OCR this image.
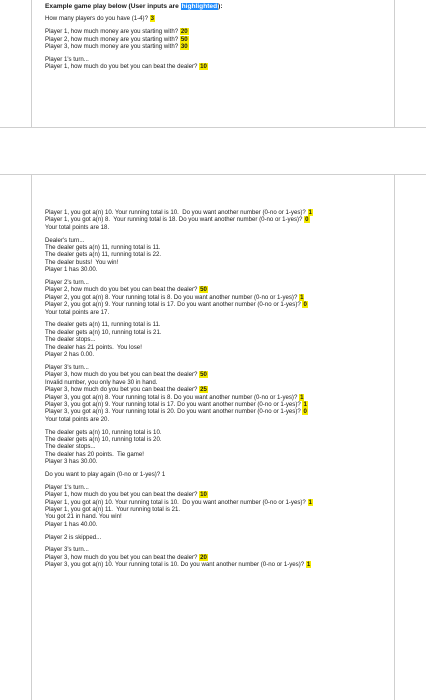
Example game play below (User inputs are highlighted):
How many players do you have (1-4)? 3
Player 1, how much money are you starting with? 20
Player 2, how much money are you starting with? 50
Player 3, how much money are you starting with? 30
Player 1's turn...
Player 1, how much do you bet you can beat the dealer? 10
Player 1, you got a(n) 10. Your running total is 10.  Do you want another number (0-no or 1-yes)? 1
Player 1, you got a(n) 8.  Your running total is 18. Do you want another number (0-no or 1-yes)? 0
Your total points are 18.
Dealer's turn...
The dealer gets a(n) 11, running total is 11.
The dealer gets a(n) 11, running total is 22.
The dealer busts!  You win!
Player 1 has 30.00.
Player 2's turn...
Player 2, how much do you bet you can beat the dealer? 50
Player 2, you got a(n) 8. Your running total is 8. Do you want another number (0-no or 1-yes)? 1
Player 2, you got a(n) 9. Your running total is 17. Do you want another number (0-no or 1-yes)? 0
Your total points are 17.
The dealer gets a(n) 11, running total is 11.
The dealer gets a(n) 10, running total is 21.
The dealer stops...
The dealer has 21 points.  You lose!
Player 2 has 0.00.
Player 3's turn...
Player 3, how much do you bet you can beat the dealer? 50
Invalid number, you only have 30 in hand.
Player 3, how much do you bet you can beat the dealer? 25
Player 3, you got a(n) 8. Your running total is 8. Do you want another number (0-no or 1-yes)? 1
Player 3, you got a(n) 9. Your running total is 17. Do you want another number (0-no or 1-yes)? 1
Player 3, you got a(n) 3. Your running total is 20. Do you want another number (0-no or 1-yes)? 0
Your total points are 20.
The dealer gets a(n) 10, running total is 10.
The dealer gets a(n) 10, running total is 20.
The dealer stops...
The dealer has 20 points.  Tie game!
Player 3 has 30.00.
Do you want to play again (0-no or 1-yes)? 1
Player 1's turn...
Player 1, how much do you bet you can beat the dealer? 10
Player 1, you got a(n) 10. Your running total is 10.  Do you want another number (0-no or 1-yes)? 1
Player 1, you got a(n) 11.  Your running total is 21.
You got 21 in hand. You win!
Player 1 has 40.00.
Player 2 is skipped...
Player 3's turn...
Player 3, how much do you bet you can beat the dealer? 20
Player 3, you got a(n) 10. Your running total is 10. Do you want another number (0-no or 1-yes)? 1
